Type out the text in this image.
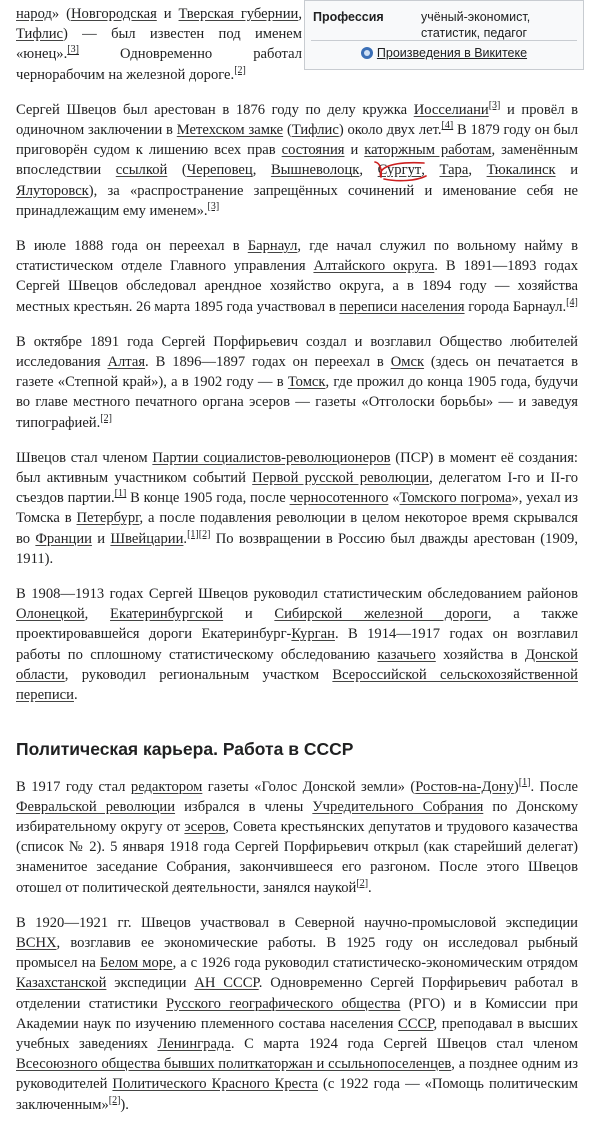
Профессия	учёный-экономист, статистик, педагог
Произведения в Викитеке

народ» (Новгородская и Тверская губернии, Тифлис) — был известен под именем «юнец».[3] Одновременно работал чернорабочим на железной дороге.[2]

Сергей Швецов был арестован в 1876 году по делу кружка Иосселиани[3] и провёл в одиночном заключении в Метехском замке (Тифлис) около двух лет.[4] В 1879 году он был приговорён судом к лишению всех прав состояния и каторжным работам, заменённым впоследствии ссылкой (Череповец, Вышневолоцк,
Сургут, Тара, Тюкалинск и Ялуторовск), за «распространение запрещённых сочинений и именование себя не принадлежащим ему именем».[3]

В июле 1888 года он переехал в Барнаул, где начал служил по вольному найму в статистическом отделе Главного управления Алтайского округа. В 1891—1893 годах Сергей Швецов обследовал арендное хозяйство округа, а в 1894 году — хозяйства местных крестьян. 26 марта 1895 года участвовал в переписи населения города Барнаул.[4]

В октябре 1891 года Сергей Порфирьевич создал и возглавил Общество любителей исследования Алтая. В 1896—1897 годах он переехал в Омск (здесь он печатается в газете «Степной край»), а в 1902 году — в Томск, где прожил до конца 1905 года, будучи во главе местного печатного органа эсеров — газеты «Отголоски борьбы» — и заведуя типографией.[2]

Швецов стал членом Партии социалистов-революционеров (ПСР) в момент её создания: был активным участником событий Первой русской революции, делегатом I-го и II-го съездов партии.[1] В конце 1905 года, после черносотенного «Томского погрома», уехал из Томска в Петербург, а после подавления революции в целом некоторое время скрывался во Франции и Швейцарии.[1][2] По возвращении в Россию был дважды арестован (1909, 1911).

В 1908—1913 годах Сергей Швецов руководил статистическим обследованием районов Олонецкой, Екатеринбургской и Сибирской железной дороги, а также проектировавшейся дороги Екатеринбург-Курган. В 1914—1917 годах он возглавил работы по сплошному статистическому обследованию казачьего хозяйства в Донской области, руководил региональным участком Всероссийской сельскохозяйственной переписи.

Политическая карьера. Работа в СССР

В 1917 году стал редактором газеты «Голос Донской земли» (Ростов-на-Дону)[1]. После Февральской революции избрался в члены Учредительного Собрания по Донскому избирательному округу от эсеров, Совета крестьянских депутатов и трудового казачества (список № 2). 5 января 1918 года Сергей Порфирьевич открыл (как старейший делегат) знаменитое заседание Собрания, закончившееся его разгоном. После этого Швецов отошел от политической деятельности, занялся наукой[2].

В 1920—1921 гг. Швецов участвовал в Северной научно-промысловой экспедиции ВСНХ, возглавив ее экономические работы. В 1925 году он исследовал рыбный промысел на Белом море, а с 1926 года руководил статистическо-экономическим отрядом Казахстанской экспедиции АН СССР. Одновременно Сергей Порфирьевич работал в отделении статистики Русского географического общества (РГО) и в Комиссии при Академии наук по изучению племенного состава населения СССР, преподавал в высших учебных заведениях Ленинграда. С марта 1924 года Сергей Швецов стал членом Всесоюзного общества бывших политкаторжан и ссыльнопоселенцев, а позднее одним из руководителей Политического Красного Креста (с 1922 года — «Помощь политическим заключенным»[2]).
